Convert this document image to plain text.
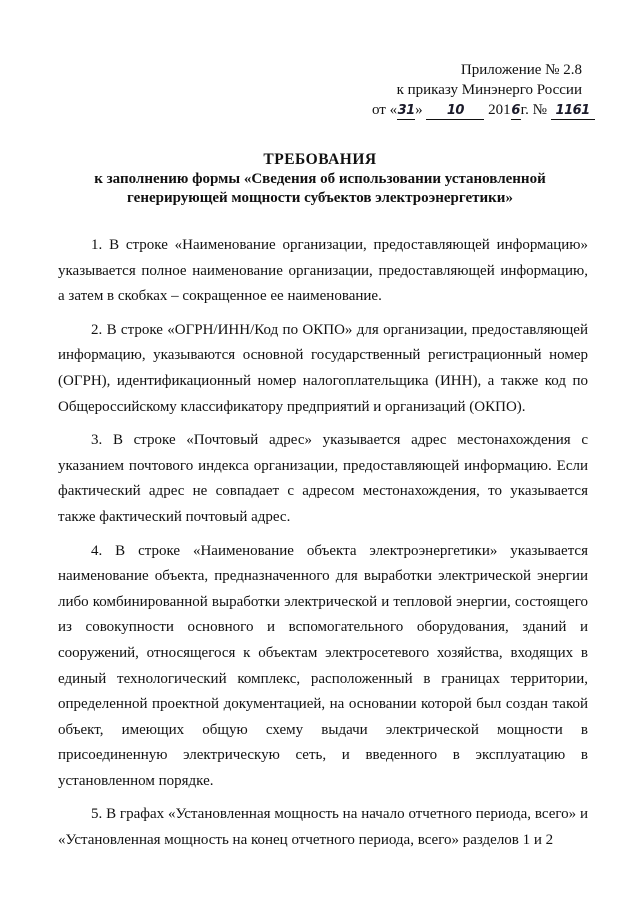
Приложение № 2.8
к приказу Минэнерго России
от «31» 10 2016г. № 1161
ТРЕБОВАНИЯ
к заполнению формы «Сведения об использовании установленной
генерирующей мощности субъектов электроэнергетики»

1. В строке «Наименование организации, предоставляющей информацию» указывается полное наименование организации, предоставляющей информацию, а затем в скобках – сокращенное ее наименование.

2. В строке «ОГРН/ИНН/Код по ОКПО» для организации, предоставляющей информацию, указываются основной государственный регистрационный номер (ОГРН), идентификационный номер налогоплательщика (ИНН), а также код по Общероссийскому классификатору предприятий и организаций (ОКПО).

3. В строке «Почтовый адрес» указывается адрес местонахождения с указанием почтового индекса организации, предоставляющей информацию. Если фактический адрес не совпадает с адресом местонахождения, то указывается также фактический почтовый адрес.

4. В строке «Наименование объекта электроэнергетики» указывается наименование объекта, предназначенного для выработки электрической энергии либо комбинированной выработки электрической и тепловой энергии, состоящего из совокупности основного и вспомогательного оборудования, зданий и сооружений, относящегося к объектам электросетевого хозяйства, входящих в единый технологический комплекс, расположенный в границах территории, определенной проектной документацией, на основании которой был создан такой объект, имеющих общую схему выдачи электрической мощности в присоединенную электрическую сеть, и введенного в эксплуатацию в установленном порядке.

5. В графах «Установленная мощность на начало отчетного периода, всего» и «Установленная мощность на конец отчетного периода, всего» разделов 1 и 2
